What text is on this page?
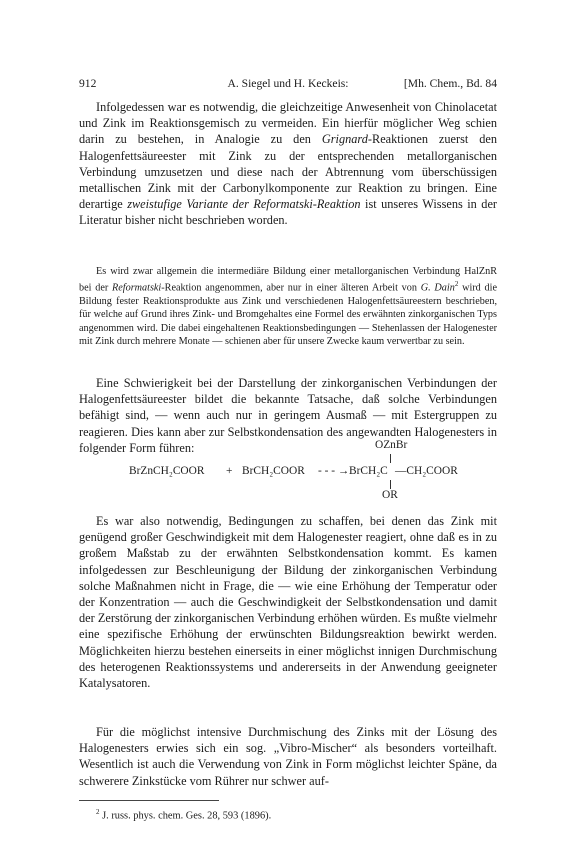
912	A. Siegel und H. Keckeis:	[Mh. Chem., Bd. 84

Infolgedessen war es notwendig, die gleichzeitige Anwesenheit von Chinolacetat und Zink im Reaktionsgemisch zu vermeiden. Ein hierfür möglicher Weg schien darin zu bestehen, in Analogie zu den Grignard-Reaktionen zuerst den Halogenfettsäureester mit Zink zu der entsprechenden metallorganischen Verbindung umzusetzen und diese nach der Abtrennung vom überschüssigen metallischen Zink mit der Carbonylkomponente zur Reaktion zu bringen. Eine derartige zweistufige Variante der Reformatski-Reaktion ist unseres Wissens in der Literatur bisher nicht beschrieben worden.

Es wird zwar allgemein die intermediäre Bildung einer metallorganischen Verbindung HalZnR bei der Reformatski-Reaktion angenommen, aber nur in einer älteren Arbeit von G. Dain$^2$ wird die Bildung fester Reaktionsprodukte aus Zink und verschiedenen Halogenfettsäureestern beschrieben, für welche auf Grund ihres Zink- und Bromgehaltes eine Formel des erwähnten zinkorganischen Typs angenommen wird. Die dabei eingehaltenen Reaktionsbedingungen — Stehenlassen der Halogenester mit Zink durch mehrere Monate — schienen aber für unsere Zwecke kaum verwertbar zu sein.

Eine Schwierigkeit bei der Darstellung der zinkorganischen Verbindungen der Halogenfettsäureester bildet die bekannte Tatsache, daß solche Verbindungen befähigt sind, — wenn auch nur in geringem Ausmaß — mit Estergruppen zu reagieren. Dies kann aber zur Selbstkondensation des angewandten Halogenesters in folgender Form führen:	OZnBr
BrZnCH₂COOR + BrCH₂COOR - - - → BrCH₂C —CH₂COOR
OR

Es war also notwendig, Bedingungen zu schaffen, bei denen das Zink mit genügend großer Geschwindigkeit mit dem Halogenester reagiert, ohne daß es in zu großem Maßstab zu der erwähnten Selbstkondensation kommt. Es kamen infolgedessen zur Beschleunigung der Bildung der zinkorganischen Verbindung solche Maßnahmen nicht in Frage, die — wie eine Erhöhung der Temperatur oder der Konzentration — auch die Geschwindigkeit der Selbstkondensation und damit der Zerstörung der zinkorganischen Verbindung erhöhen würden. Es mußte vielmehr eine spezifische Erhöhung der erwünschten Bildungsreaktion bewirkt werden. Möglichkeiten hierzu bestehen einerseits in einer möglichst innigen Durchmischung des heterogenen Reaktionssystems und andererseits in der Anwendung geeigneter Katalysatoren.

Für die möglichst intensive Durchmischung des Zinks mit der Lösung des Halogenesters erwies sich ein sog. „Vibro-Mischer“ als besonders vorteilhaft. Wesentlich ist auch die Verwendung von Zink in Form möglichst leichter Späne, da schwerere Zinkstücke vom Rührer nur schwer auf-

$^2$ J. russ. phys. chem. Ges. 28, 593 (1896).
